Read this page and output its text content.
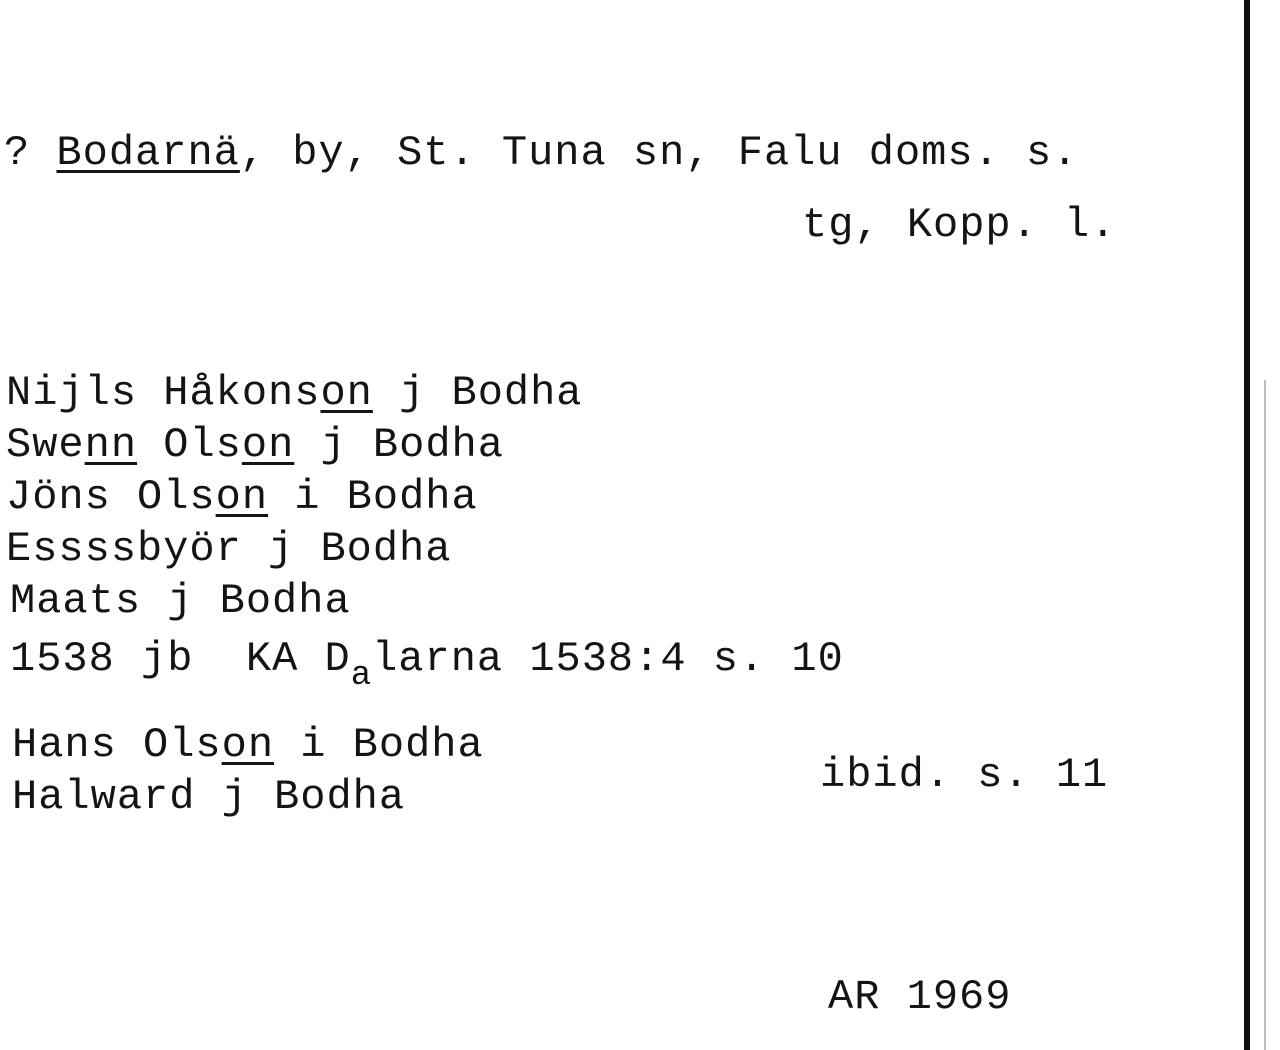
? Bodarnä, by, St. Tuna sn, Falu doms. s.
tg, Kopp. l.
Nijls Håkonson j Bodha
Swenn Olson j Bodha
Jöns Olson i Bodha
Essssbyör j Bodha
Maats j Bodha
1538 jb KA $D_alarna$ 1538:4 s. 10
Hans Olson i Bodha
Halward j Bodha	ibid. s. 11
AR 1969
